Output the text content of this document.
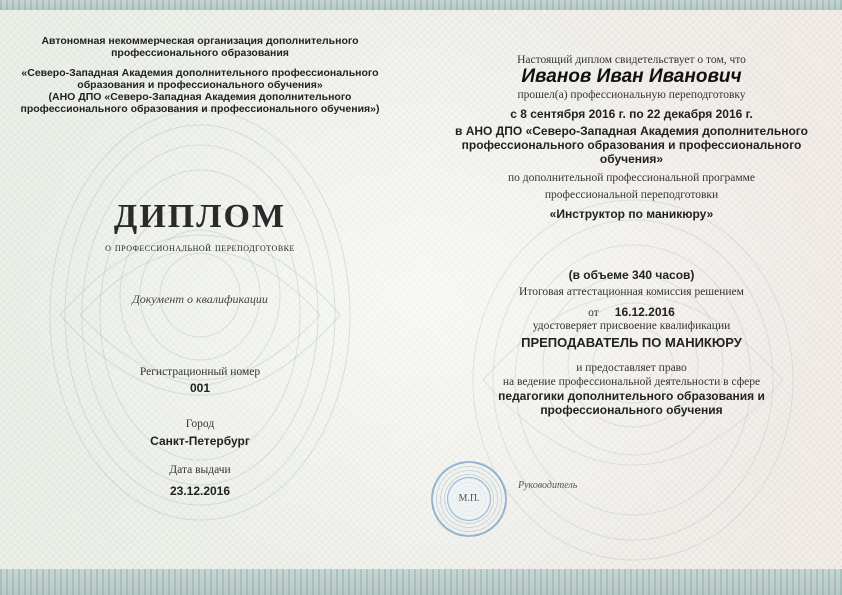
Автономная некоммерческая организация дополнительного
профессионального образования
«Северо-Западная Академия дополнительного профессионального
образования и профессионального обучения»
(АНО ДПО «Северо-Западная Академия дополнительного
профессионального образования и профессионального обучения»)
ДИПЛОМ
о профессиональной переподготовке
Документ о квалификации
Регистрационный номер
001
Город
Санкт-Петербург
Дата выдачи
23.12.2016
Настоящий диплом свидетельствует о том, что
Иванов Иван Иванович
прошел(а) профессиональную переподготовку
с 8 сентября 2016 г. по 22 декабря 2016 г.
в АНО ДПО «Северо-Западная Академия дополнительного
профессионального образования и профессионального
обучения»
по дополнительной профессиональной программе
профессиональной переподготовки
«Инструктор по маникюру»
(в объеме 340 часов)
Итоговая аттестационная комиссия решением
от 16.12.2016
удостоверяет присвоение квалификации
ПРЕПОДАВАТЕЛЬ ПО МАНИКЮРУ
и предоставляет право
на ведение профессиональной деятельности в сфере
педагогики дополнительного образования и
профессионального обучения
М.П.
Руководитель
